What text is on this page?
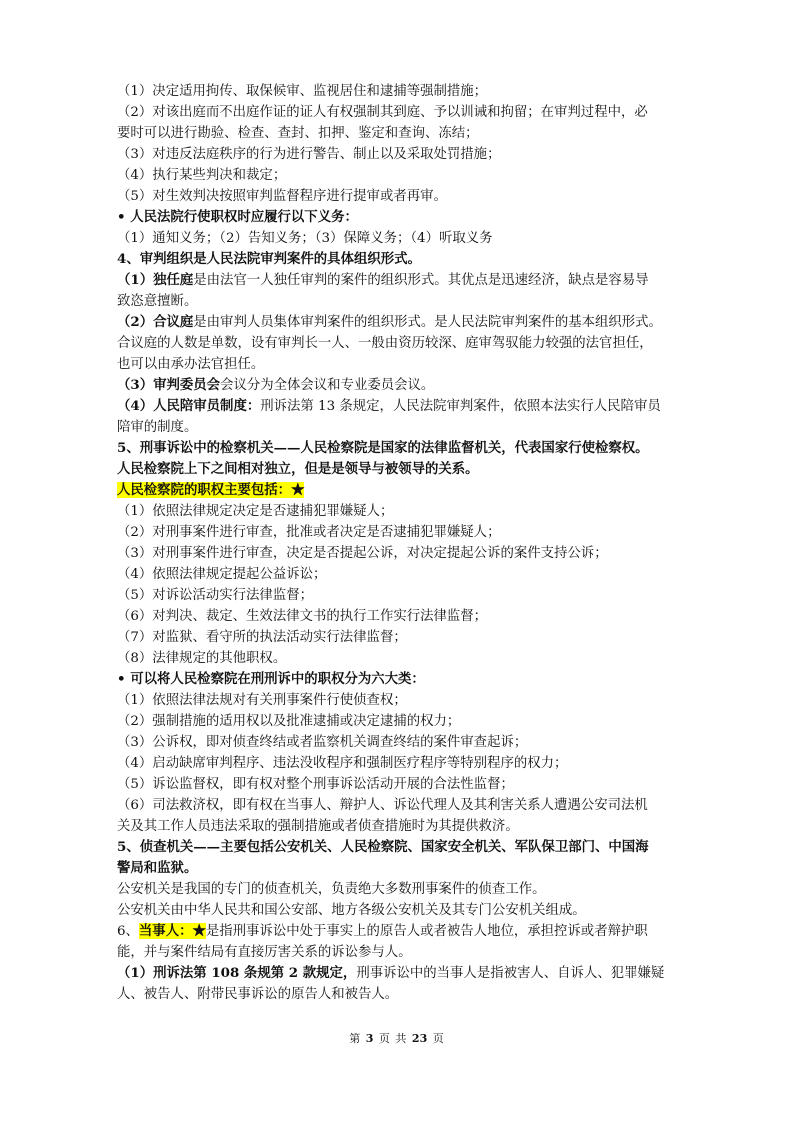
（1）决定适用拘传、取保候审、监视居住和逮捕等强制措施；
（2）对该出庭而不出庭作证的证人有权强制其到庭、予以训诫和拘留；在审判过程中，必
要时可以进行勘验、检查、查封、扣押、鉴定和查询、冻结；
（3）对违反法庭秩序的行为进行警告、制止以及采取处罚措施；
（4）执行某些判决和裁定；
（5）对生效判决按照审判监督程序进行提审或者再审。
• 人民法院行使职权时应履行以下义务：
（1）通知义务；（2）告知义务；（3）保障义务；（4）听取义务
4、审判组织是人民法院审判案件的具体组织形式。
（1）独任庭是由法官一人独任审判的案件的组织形式。其优点是迅速经济，缺点是容易导
致恣意擅断。
（2）合议庭是由审判人员集体审判案件的组织形式。是人民法院审判案件的基本组织形式。
合议庭的人数是单数，设有审判长一人、一般由资历较深、庭审驾驭能力较强的法官担任，
也可以由承办法官担任。
（3）审判委员会会议分为全体会议和专业委员会议。
（4）人民陪审员制度：刑诉法第 13 条规定，人民法院审判案件，依照本法实行人民陪审员
陪审的制度。
5、刑事诉讼中的检察机关——人民检察院是国家的法律监督机关，代表国家行使检察权。
人民检察院上下之间相对独立，但是是领导与被领导的关系。
人民检察院的职权主要包括：★
（1）依照法律规定决定是否逮捕犯罪嫌疑人；
（2）对刑事案件进行审查，批准或者决定是否逮捕犯罪嫌疑人；
（3）对刑事案件进行审查，决定是否提起公诉，对决定提起公诉的案件支持公诉；
（4）依照法律规定提起公益诉讼；
（5）对诉讼活动实行法律监督；
（6）对判决、裁定、生效法律文书的执行工作实行法律监督；
（7）对监狱、看守所的执法活动实行法律监督；
（8）法律规定的其他职权。
• 可以将人民检察院在刑刑诉中的职权分为六大类：
（1）依照法律法规对有关刑事案件行使侦查权；
（2）强制措施的适用权以及批准逮捕或决定逮捕的权力；
（3）公诉权，即对侦查终结或者监察机关调查终结的案件审查起诉；
（4）启动缺席审判程序、违法没收程序和强制医疗程序等特别程序的权力；
（5）诉讼监督权，即有权对整个刑事诉讼活动开展的合法性监督；
（6）司法救济权，即有权在当事人、辩护人、诉讼代理人及其利害关系人遭遇公安司法机
关及其工作人员违法采取的强制措施或者侦查措施时为其提供救济。
5、侦查机关——主要包括公安机关、人民检察院、国家安全机关、军队保卫部门、中国海
警局和监狱。
公安机关是我国的专门的侦查机关，负责绝大多数刑事案件的侦查工作。
公安机关由中华人民共和国公安部、地方各级公安机关及其专门公安机关组成。
6、当事人：★是指刑事诉讼中处于事实上的原告人或者被告人地位，承担控诉或者辩护职
能，并与案件结局有直接厉害关系的诉讼参与人。
（1）刑诉法第 108 条规第 2 款规定，刑事诉讼中的当事人是指被害人、自诉人、犯罪嫌疑
人、被告人、附带民事诉讼的原告人和被告人。
第 3 页 共 23 页
